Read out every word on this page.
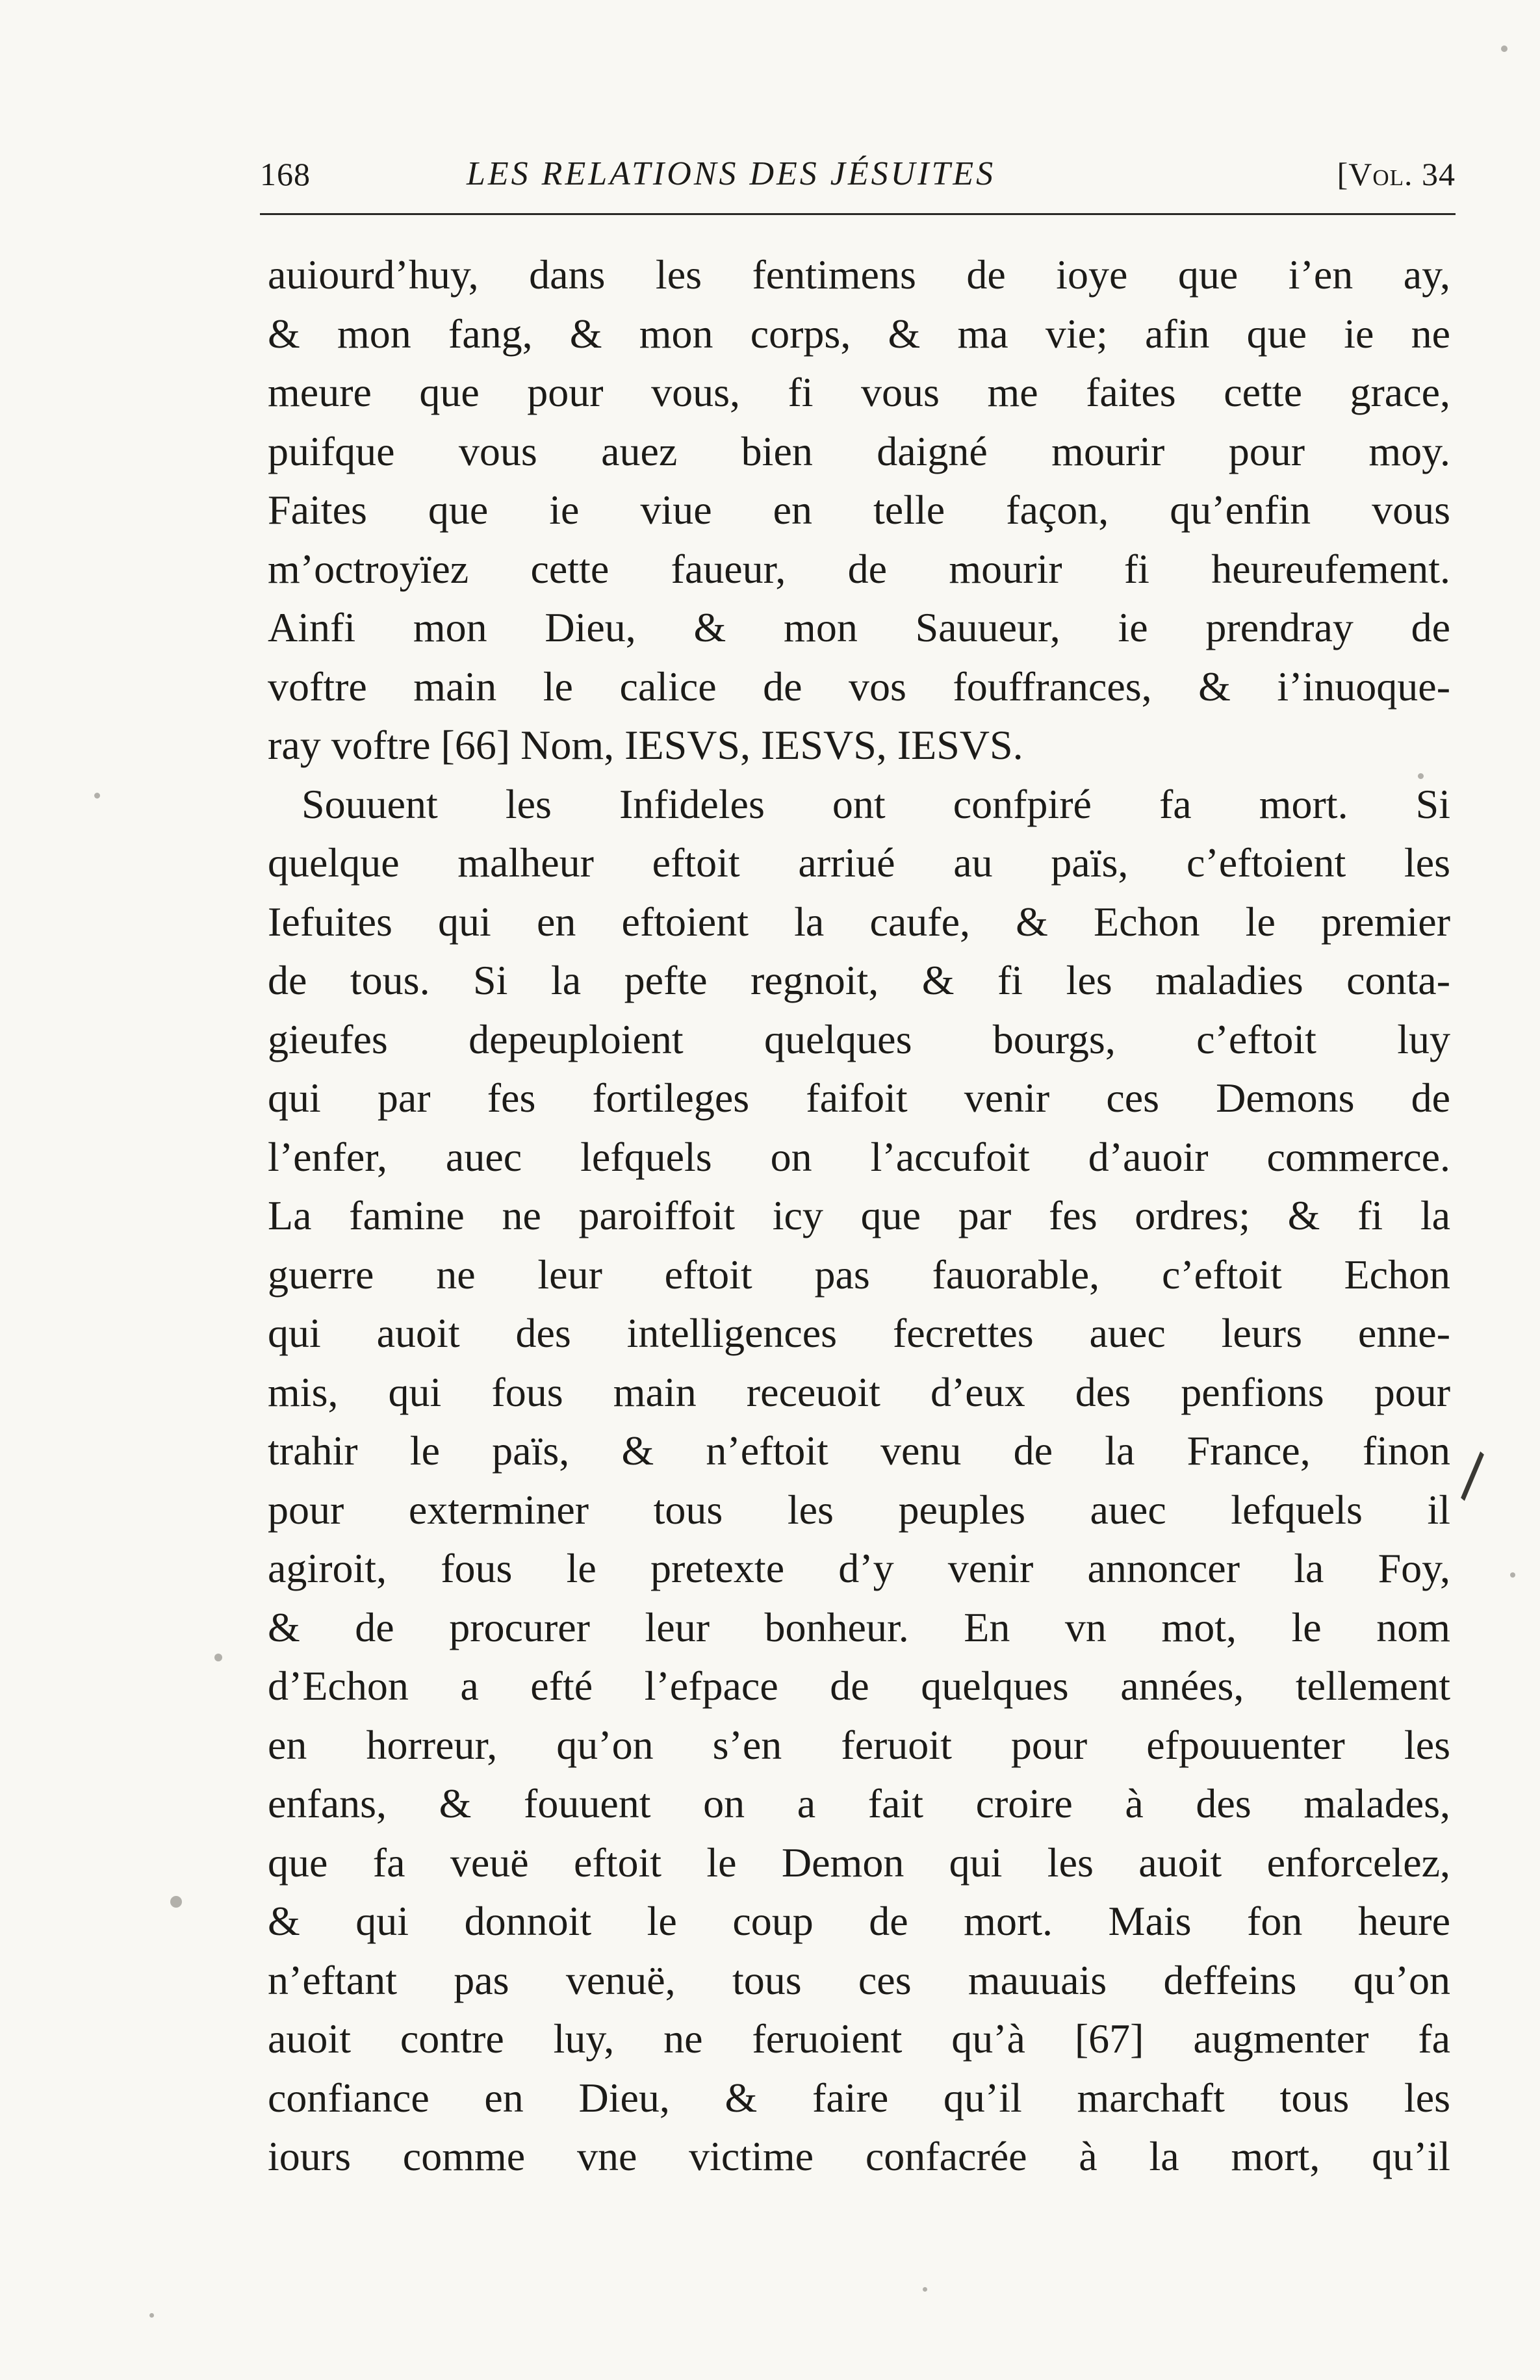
168	LES RELATIONS DES JÉSUITES	[Vol. 34
auiourd’huy, dans les fentimens de ioye que i’en ay,
& mon fang, & mon corps, & ma vie; afin que ie ne
meure que pour vous, fi vous me faites cette grace,
puifque vous auez bien daigné mourir pour moy.
Faites que ie viue en telle façon, qu’enfin vous
m’octroyïez cette faueur, de mourir fi heureufement.
Ainfi mon Dieu, & mon Sauueur, ie prendray de
voftre main le calice de vos fouffrances, & i’inuoque-
ray voftre [66] Nom, IESVS, IESVS, IESVS.
Souuent les Infideles ont confpiré fa mort. Si
quelque malheur eftoit arriué au païs, c’eftoient les
Iefuites qui en eftoient la caufe, & Echon le premier
de tous. Si la pefte regnoit, & fi les maladies conta-
gieufes depeuploient quelques bourgs, c’eftoit luy
qui par fes fortileges faifoit venir ces Demons de
l’enfer, auec lefquels on l’accufoit d’auoir commerce.
La famine ne paroiffoit icy que par fes ordres; & fi la
guerre ne leur eftoit pas fauorable, c’eftoit Echon
qui auoit des intelligences fecrettes auec leurs enne-
mis, qui fous main receuoit d’eux des penfions pour
trahir le païs, & n’eftoit venu de la France, finon
pour exterminer tous les peuples auec lefquels il
agiroit, fous le pretexte d’y venir annoncer la Foy,
& de procurer leur bonheur. En vn mot, le nom
d’Echon a efté l’efpace de quelques années, tellement
en horreur, qu’on s’en feruoit pour efpouuenter les
enfans, & fouuent on a fait croire à des malades,
que fa veuë eftoit le Demon qui les auoit enforcelez,
& qui donnoit le coup de mort. Mais fon heure
n’eftant pas venuë, tous ces mauuais deffeins qu’on
auoit contre luy, ne feruoient qu’à [67] augmenter fa
confiance en Dieu, & faire qu’il marchaft tous les
iours comme vne victime confacrée à la mort, qu’il
\
